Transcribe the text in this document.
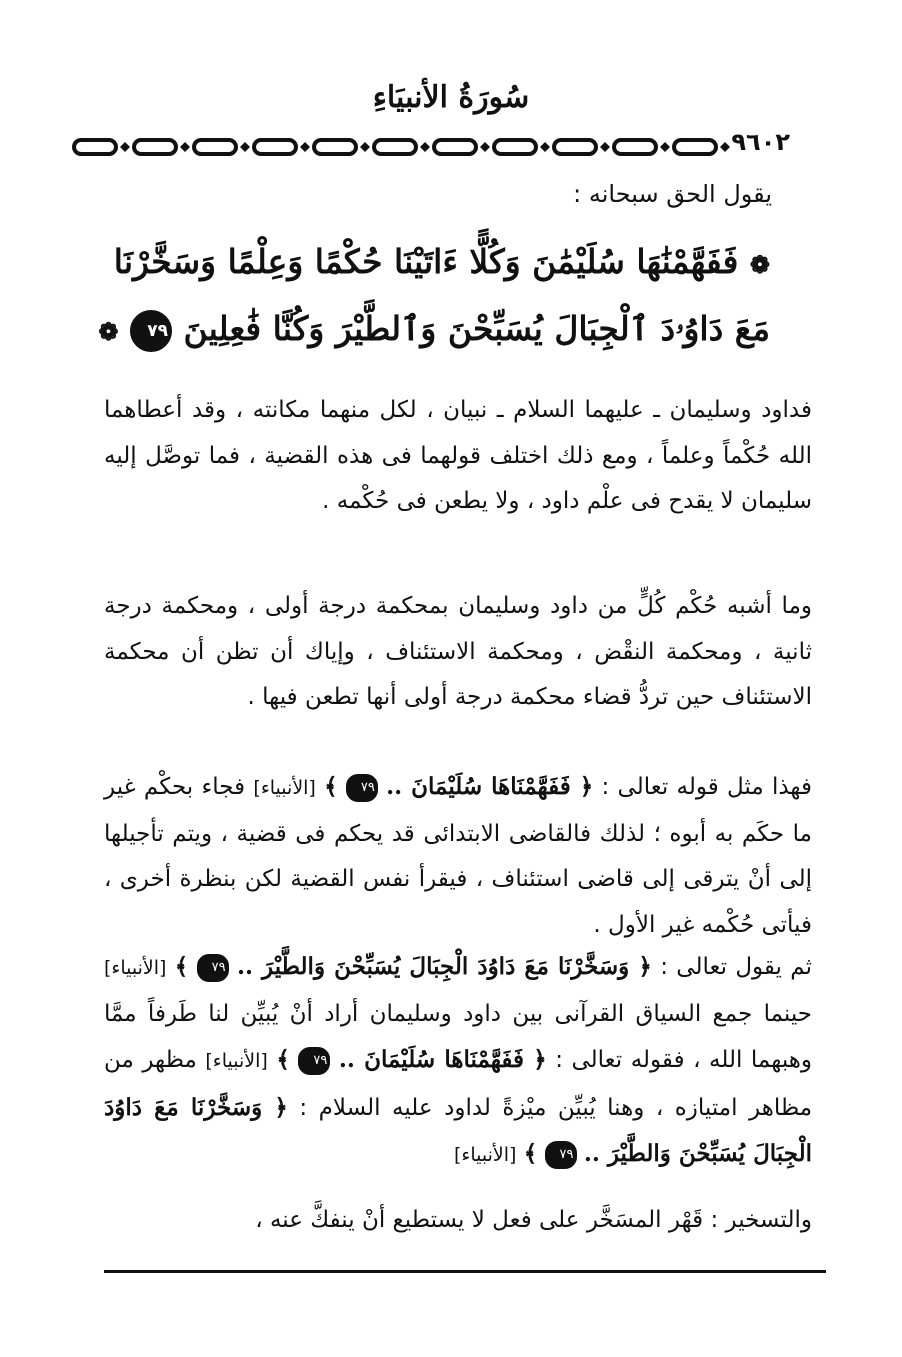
سُورَةُ الأنبيَاءِ
٩٦٠٢
يقول الحق سبحانه :
❁ فَفَهَّمْنَٰهَا سُلَيْمَٰنَ وَكُلًّا ءَاتَيْنَا حُكْمًا وَعِلْمًا وَسَخَّرْنَا
مَعَ دَاوُۥدَ ٱلْجِبَالَ يُسَبِّحْنَ وَٱلطَّيْرَ وَكُنَّا فَٰعِلِينَ ٧٩ ❁

فداود وسليمان ـ عليهما السلام ـ نبيان ، لكل منهما مكانته ، وقد أعطاهما الله حُكْماً وعلماً ، ومع ذلك اختلف قولهما فى هذه القضية ، فما توصَّل إليه سليمان لا يقدح فى علْم داود ، ولا يطعن فى حُكْمه .

وما أشبه حُكْم كُلٍّ من داود وسليمان بمحكمة درجة أولى ، ومحكمة درجة ثانية ، ومحكمة النقْض ، ومحكمة الاستئناف ، وإياك أن تظن أن محكمة الاستئناف حين تردُّ قضاء محكمة درجة أولى أنها تطعن فيها .

فهذا مثل قوله تعالى : ﴿ فَفَهَّمْنَاهَا سُلَيْمَانَ .. ٧٩ ﴾ [الأنبياء] فجاء بحكْم غير ما حكَم به أبوه ؛ لذلك فالقاضى الابتدائى قد يحكم فى قضية ، ويتم تأجيلها إلى أنْ يترقى إلى قاضى استئناف ، فيقرأ نفس القضية لكن بنظرة أخرى ، فيأتى حُكْمه غير الأول .

ثم يقول تعالى : ﴿ وَسَخَّرْنَا مَعَ دَاوُدَ الْجِبَالَ يُسَبِّحْنَ وَالطَّيْرَ .. ٧٩ ﴾ [الأنبياء] حينما جمع السياق القرآنى بين داود وسليمان أراد أنْ يُبيِّن لنا طَرفاً ممَّا وهبهما الله ، فقوله تعالى : ﴿ فَفَهَّمْنَاهَا سُلَيْمَانَ .. ٧٩ ﴾ [الأنبياء] مظهر من مظاهر امتيازه ، وهنا يُبيِّن ميْزةً لداود عليه السلام : ﴿ وَسَخَّرْنَا مَعَ دَاوُدَ الْجِبَالَ يُسَبِّحْنَ وَالطَّيْرَ .. ٧٩ ﴾ [الأنبياء]

والتسخير : قَهْر المسَخَّر على فعل لا يستطيع أنْ ينفكَّ عنه ،
